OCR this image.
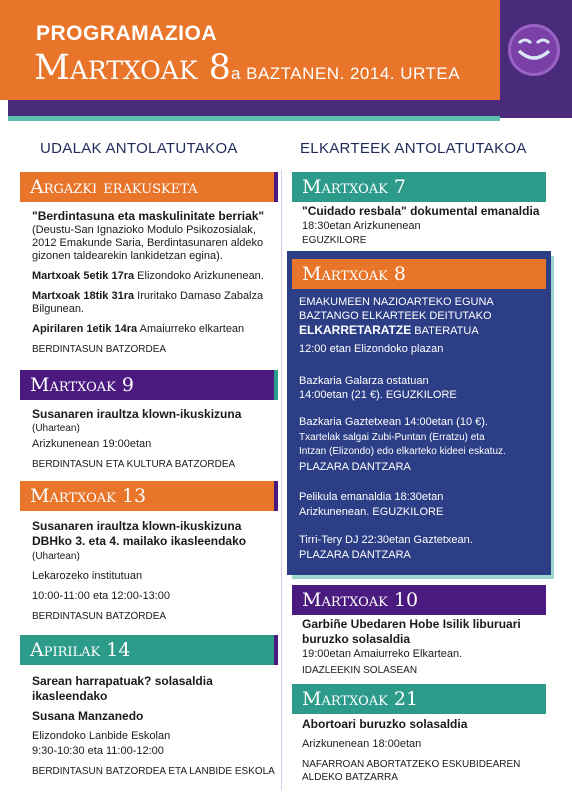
PROGRAMAZIOA
Martxoak 8a BAZTANEN. 2014. URTEA
UDALAK ANTOLATUTAKOA	ELKARTEEK ANTOLATUTAKOA
Argazki erakusketa
"Berdintasuna eta maskulinitate berriak"
(Deustu-San Ignazioko Modulo Psikozosialak,
2012 Emakunde Saria, Berdintasunaren aldeko
gizonen taldearekin lankidetzan egina).
Martxoak 5etik 17ra Elizondoko Arizkunenean.
Martxoak 18tik 31ra Iruritako Damaso Zabalza
Bilgunean.
Apirilaren 1etik 14ra Amaiurreko elkartean
BERDINTASUN BATZORDEA
Martxoak 9
Susanaren iraultza klown-ikuskizuna
(Uhartean)
Arizkunenean 19:00etan
BERDINTASUN ETA KULTURA BATZORDEA
Martxoak 13
Susanaren iraultza klown-ikuskizuna
DBHko 3. eta 4. mailako ikasleendako
(Uhartean)
Lekarozeko institutuan
10:00-11:00 eta 12:00-13:00
BERDINTASUN BATZORDEA
Apirilak 14
Sarean harrapatuak? solasaldia
ikasleendako
Susana Manzanedo
Elizondoko Lanbide Eskolan
9:30-10:30 eta 11:00-12:00
BERDINTASUN BATZORDEA ETA LANBIDE ESKOLA
Martxoak 7
"Cuidado resbala" dokumental emanaldia
18:30etan Arizkunenean
EGUZKILORE
Martxoak 8
EMAKUMEEN NAZIOARTEKO EGUNA
BAZTANGO ELKARTEEK DEITUTAKO
ELKARRETARATZE BATERATUA
12:00 etan Elizondoko plazan
Bazkaria Galarza ostatuan
14:00etan (21 €). EGUZKILORE
Bazkaria Gaztetxean 14:00etan (10 €).
Txartelak salgai Zubi-Puntan (Erratzu) eta
Intzan (Elizondo) edo elkarteko kideei eskatuz.
PLAZARA DANTZARA
Pelikula emanaldia 18:30etan
Arizkunenean. EGUZKILORE
Tirri-Tery DJ 22:30etan Gaztetxean.
PLAZARA DANTZARA
Martxoak 10
Garbiñe Ubedaren Hobe Isilik liburuari
buruzko solasaldia
19:00etan Amaiurreko Elkartean.
IDAZLEEKIN SOLASEAN
Martxoak 21
Abortoari buruzko solasaldia
Arizkunenean 18:00etan
NAFARROAN ABORTATZEKO ESKUBIDEAREN
ALDEKO BATZARRA
